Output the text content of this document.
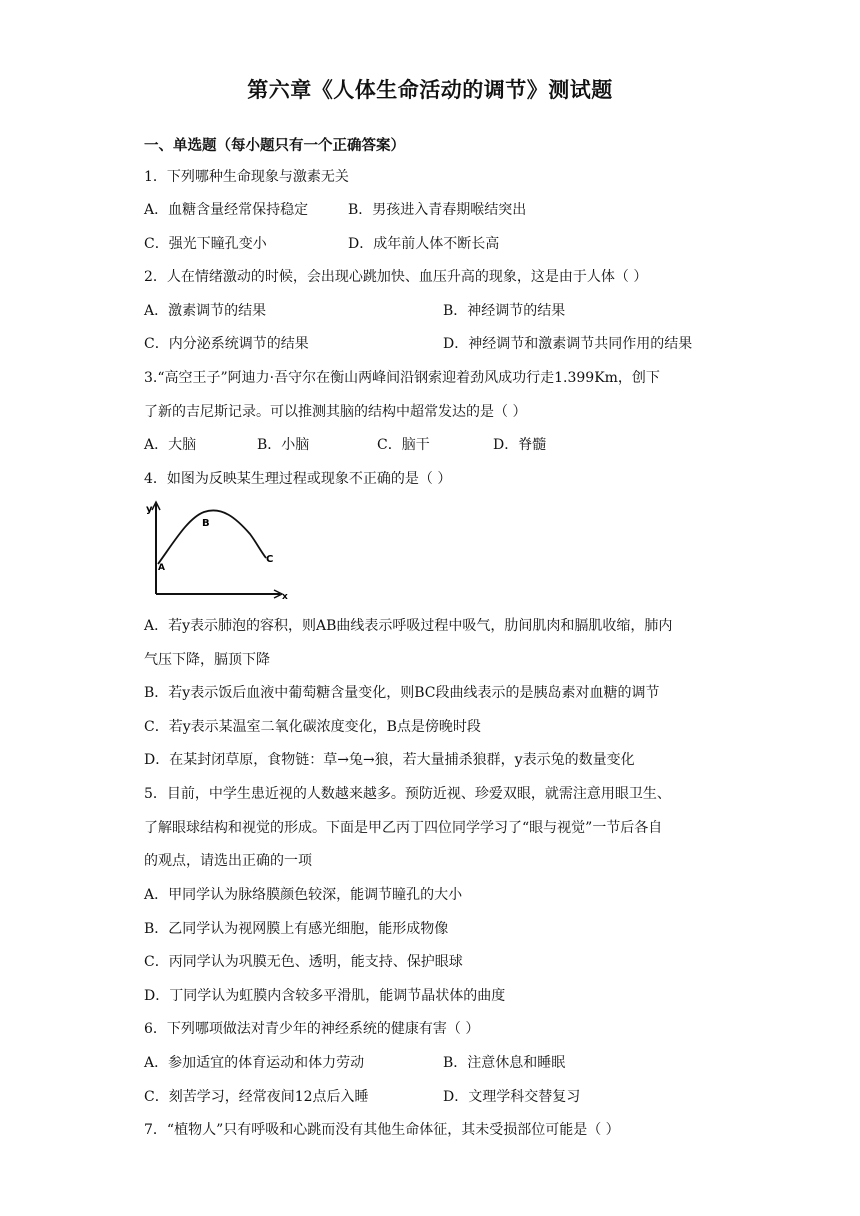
第六章《人体生命活动的调节》测试题
一、单选题（每小题只有一个正确答案）
1．下列哪种生命现象与激素无关
A．血糖含量经常保持稳定	B．男孩进入青春期喉结突出
C．强光下瞳孔变小	D．成年前人体不断长高
2．人在情绪激动的时候，会出现心跳加快、血压升高的现象，这是由于人体（ ）
A．激素调节的结果	B．神经调节的结果
C．内分泌系统调节的结果	D．神经调节和激素调节共同作用的结果
3.“高空王子”阿迪力·吾守尔在衡山两峰间沿钢索迎着劲风成功行走1.399Km，创下
了新的吉尼斯记录。可以推测其脑的结构中超常发达的是（ ）
A．大脑	B．小脑	C．脑干	D．脊髓
4．如图为反映某生理过程或现象不正确的是（ ）
y
x
A
B
C
A．若y表示肺泡的容积，则AB曲线表示呼吸过程中吸气，肋间肌肉和膈肌收缩，肺内
气压下降，膈顶下降
B．若y表示饭后血液中葡萄糖含量变化，则BC段曲线表示的是胰岛素对血糖的调节
C．若y表示某温室二氧化碳浓度变化，B点是傍晚时段
D．在某封闭草原，食物链：草→兔→狼，若大量捕杀狼群，y表示兔的数量变化
5．目前，中学生患近视的人数越来越多。预防近视、珍爱双眼，就需注意用眼卫生、
了解眼球结构和视觉的形成。下面是甲乙丙丁四位同学学习了“眼与视觉”一节后各自
的观点，请选出正确的一项
A．甲同学认为脉络膜颜色较深，能调节瞳孔的大小
B．乙同学认为视网膜上有感光细胞，能形成物像
C．丙同学认为巩膜无色、透明，能支持、保护眼球
D．丁同学认为虹膜内含较多平滑肌，能调节晶状体的曲度
6．下列哪项做法对青少年的神经系统的健康有害（ ）
A．参加适宜的体育运动和体力劳动	B．注意休息和睡眠
C．刻苦学习，经常夜间12点后入睡	D．文理学科交替复习
7．“植物人”只有呼吸和心跳而没有其他生命体征，其未受损部位可能是（ ）
